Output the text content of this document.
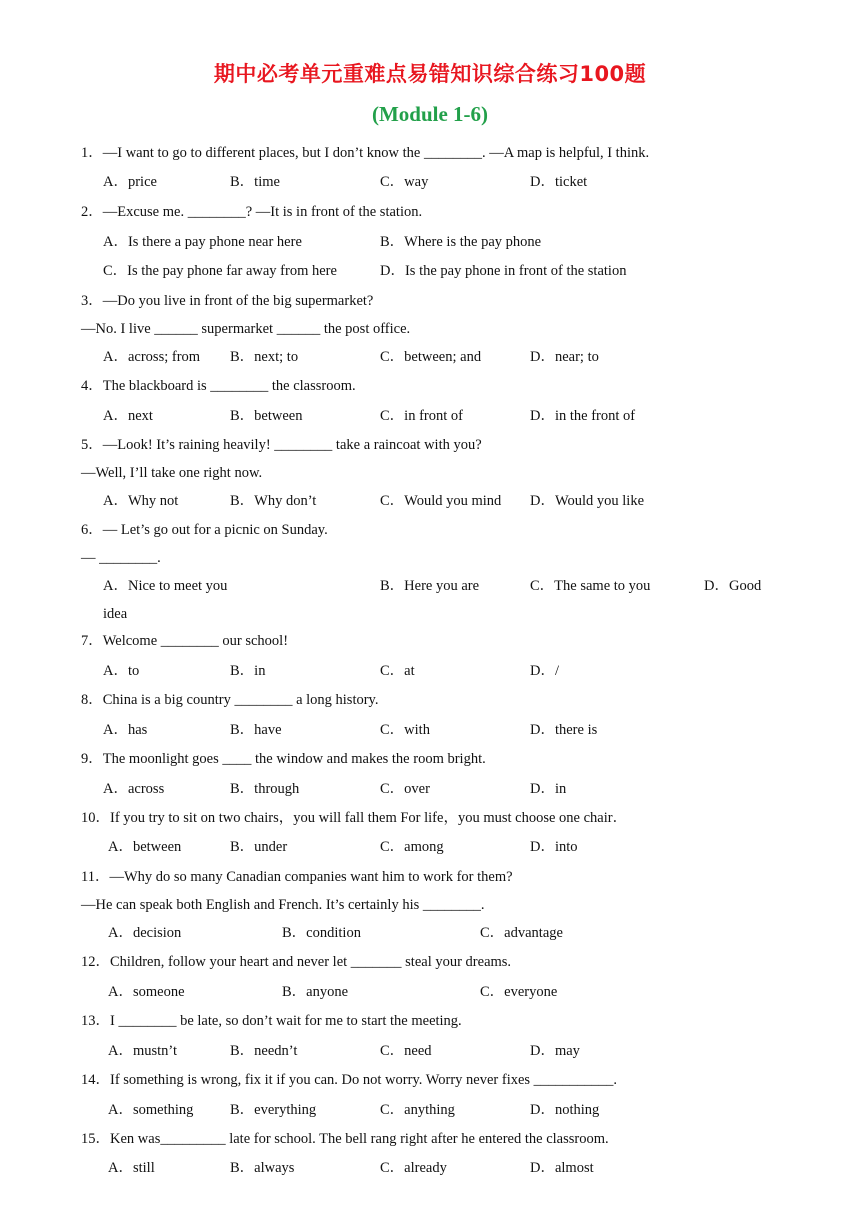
期中必考单元重难点易错知识综合练习100题
(Module 1-6)
1．—I want to go to different places, but I don’t know the ________. —A map is helpful, I think.
A．price	B．time	C．way	D．ticket
2．—Excuse me. ________? —It is in front of the station.
A．Is there a pay phone near here	B．Where is the pay phone
C．Is the pay phone far away from here	D．Is the pay phone in front of the station
3．—Do you live in front of the big supermarket?
—No. I live ______ supermarket ______ the post office.
A．across; from B．next; to	C．between; and	D．near; to
4．The blackboard is ________ the classroom.
A．next	B．between	C．in front of	D．in the front of
5．—Look! It’s raining heavily! ________ take a raincoat with you?
—Well, I’ll take one right now.
A．Why not	B．Why don’t	C．Would you mind D．Would you like
6．— Let’s go out for a picnic on Sunday.
— ________.
A．Nice to meet you	B．Here you are	C．The same to you	D．Good
idea
7．Welcome ________ our school!
A．to	B．in	C．at	D．/
8．China is a big country ________ a long history.
A．has	B．have	C．with	D．there is
9．The moonlight goes ____ the window and makes the room bright.
A．across	B．through	C．over	D．in
10．If you try to sit on two chairs，you will fall them For life，you must choose one chair．
A．between	B．under	C．among	D．into
11．—Why do so many Canadian companies want him to work for them?
—He can speak both English and French. It’s certainly his ________.
A．decision	B．condition	C．advantage
12．Children, follow your heart and never let _______ steal your dreams.
A．someone	B．anyone	C．everyone
13．I ________ be late, so don’t wait for me to start the meeting.
A．mustn’t	B．needn’t	C．need	D．may
14．If something is wrong, fix it if you can. Do not worry. Worry never fixes ___________.
A．something	B．everything	C．anything	D．nothing
15．Ken was_________ late for school. The bell rang right after he entered the classroom.
A．still	B．always	C．already	D．almost
